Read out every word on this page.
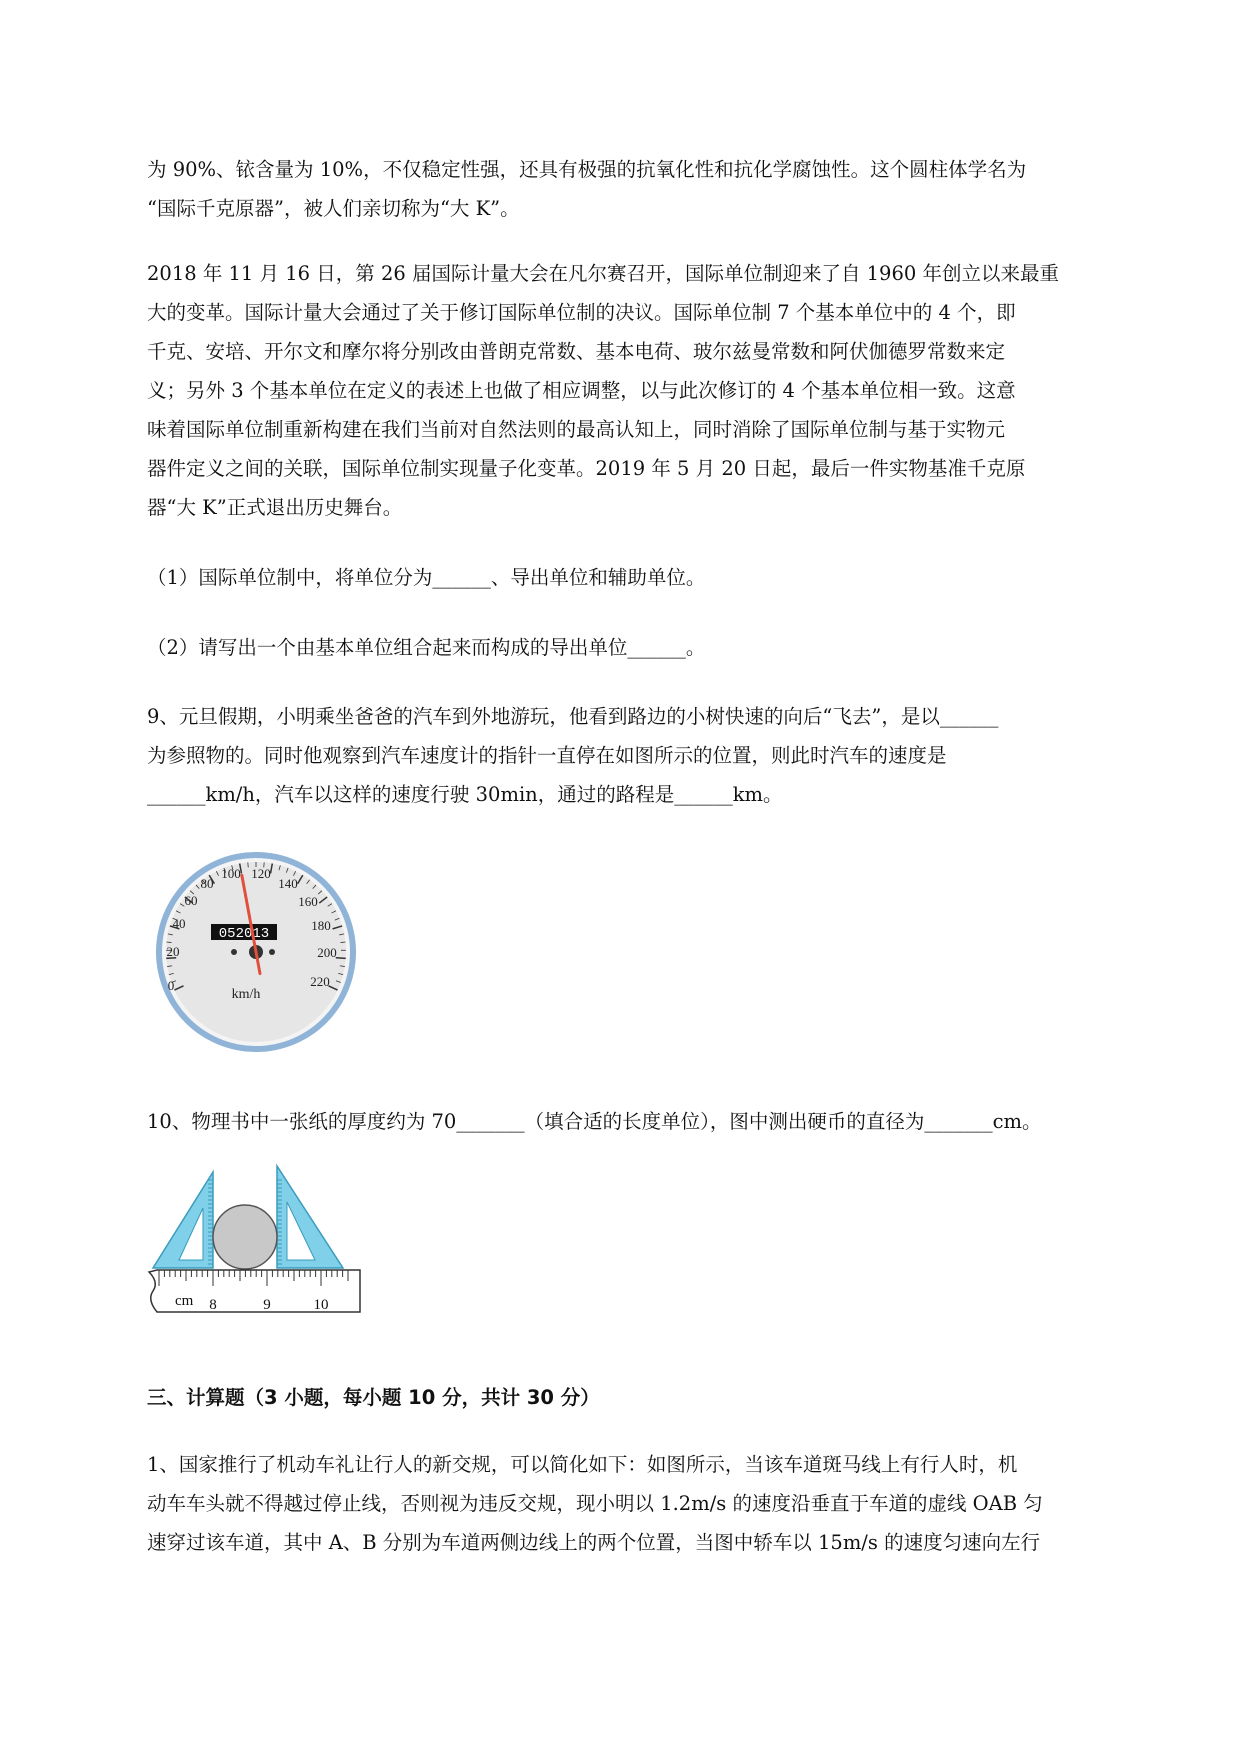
为 90%、铱含量为 10%，不仅稳定性强，还具有极强的抗氧化性和抗化学腐蚀性。这个圆柱体学名为
“国际千克原器”，被人们亲切称为“大 K”。
2018 年 11 月 16 日，第 26 届国际计量大会在凡尔赛召开，国际单位制迎来了自 1960 年创立以来最重
大的变革。国际计量大会通过了关于修订国际单位制的决议。国际单位制 7 个基本单位中的 4 个，即
千克、安培、开尔文和摩尔将分别改由普朗克常数、基本电荷、玻尔兹曼常数和阿伏伽德罗常数来定
义；另外 3 个基本单位在定义的表述上也做了相应调整，以与此次修订的 4 个基本单位相一致。这意
味着国际单位制重新构建在我们当前对自然法则的最高认知上，同时消除了国际单位制与基于实物元
器件定义之间的关联，国际单位制实现量子化变革。2019 年 5 月 20 日起，最后一件实物基准千克原
器“大 K”正式退出历史舞台。
（1）国际单位制中，将单位分为______、导出单位和辅助单位。
（2）请写出一个由基本单位组合起来而构成的导出单位______。
9、元旦假期，小明乘坐爸爸的汽车到外地游玩，他看到路边的小树快速的向后“飞去”，是以______
为参照物的。同时他观察到汽车速度计的指针一直停在如图所示的位置，则此时汽车的速度是
______km/h，汽车以这样的速度行驶 30min，通过的路程是______km。
0
20
40
60
80
100 120
140
160
180
200
220
052013
km/h
10、物理书中一张纸的厚度约为 70_______（填合适的长度单位），图中测出硬币的直径为_______cm。
cm 8	9	10
三、计算题（3 小题，每小题 10 分，共计 30 分）
1、国家推行了机动车礼让行人的新交规，可以简化如下：如图所示，当该车道斑马线上有行人时，机
动车车头就不得越过停止线，否则视为违反交规，现小明以 1.2m/s 的速度沿垂直于车道的虚线 OAB 匀
速穿过该车道，其中 A、B 分别为车道两侧边线上的两个位置，当图中轿车以 15m/s 的速度匀速向左行
